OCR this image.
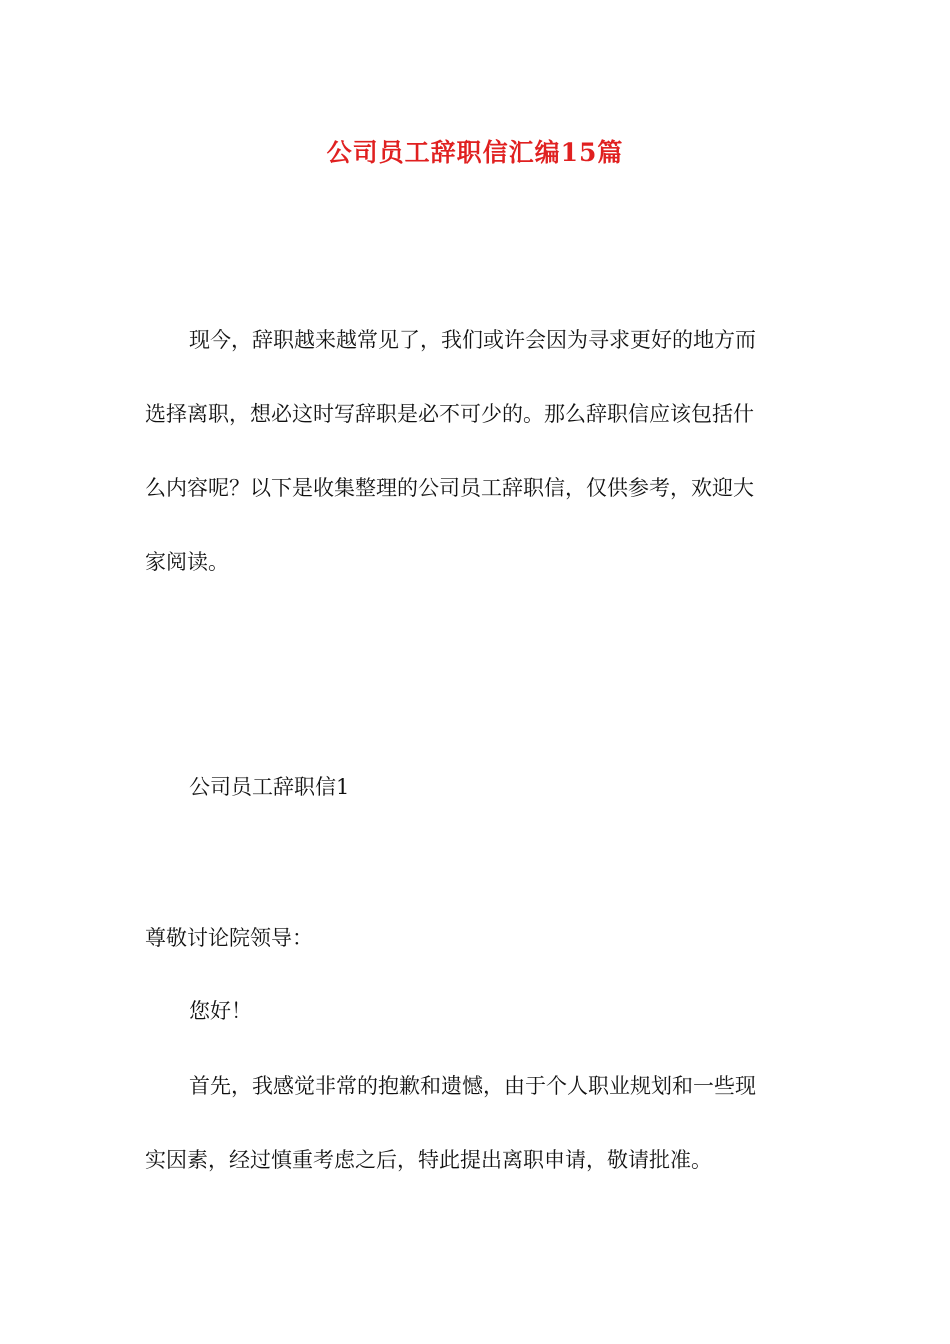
公司员工辞职信汇编15篇
现今，辞职越来越常见了，我们或许会因为寻求更好的地方而
选择离职，想必这时写辞职是必不可少的。那么辞职信应该包括什
么内容呢？以下是收集整理的公司员工辞职信，仅供参考，欢迎大
家阅读。
公司员工辞职信1
尊敬讨论院领导：
您好！
首先，我感觉非常的抱歉和遗憾，由于个人职业规划和一些现
实因素，经过慎重考虑之后，特此提出离职申请，敬请批准。
